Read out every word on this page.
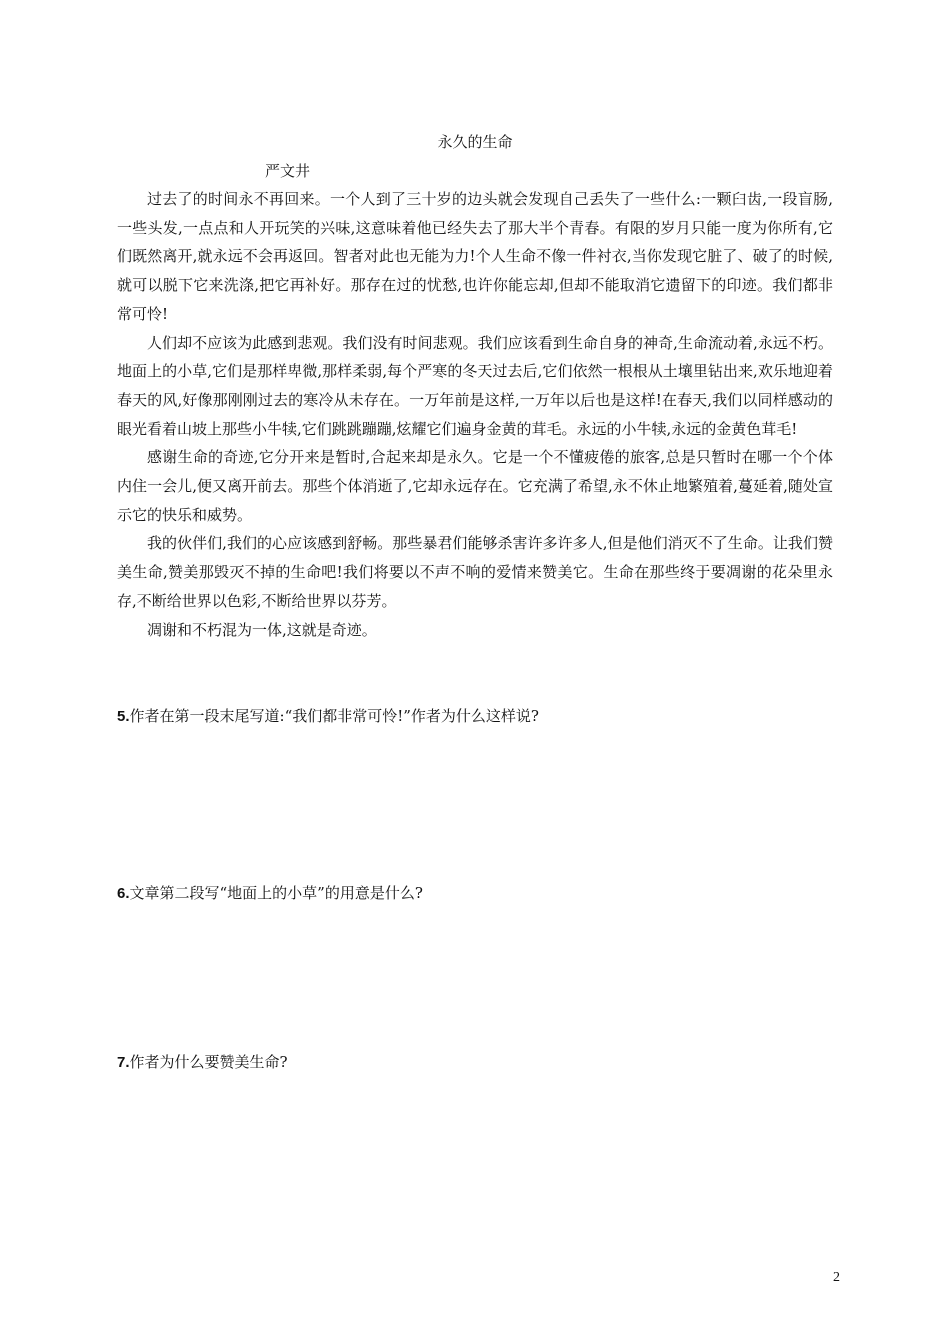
永久的生命
严文井

过去了的时间永不再回来。一个人到了三十岁的边头就会发现自己丢失了一些什么:一颗臼齿,一段盲肠,一些头发,一点点和人开玩笑的兴味,这意味着他已经失去了那大半个青春。有限的岁月只能一度为你所有,它们既然离开,就永远不会再返回。智者对此也无能为力!个人生命不像一件衬衣,当你发现它脏了、破了的时候,就可以脱下它来洗涤,把它再补好。那存在过的忧愁,也许你能忘却,但却不能取消它遗留下的印迹。我们都非常可怜!

人们却不应该为此感到悲观。我们没有时间悲观。我们应该看到生命自身的神奇,生命流动着,永远不朽。地面上的小草,它们是那样卑微,那样柔弱,每个严寒的冬天过去后,它们依然一根根从土壤里钻出来,欢乐地迎着春天的风,好像那刚刚过去的寒冷从未存在。一万年前是这样,一万年以后也是这样!在春天,我们以同样感动的眼光看着山坡上那些小牛犊,它们跳跳蹦蹦,炫耀它们遍身金黄的茸毛。永远的小牛犊,永远的金黄色茸毛!

感谢生命的奇迹,它分开来是暂时,合起来却是永久。它是一个不懂疲倦的旅客,总是只暂时在哪一个个体内住一会儿,便又离开前去。那些个体消逝了,它却永远存在。它充满了希望,永不休止地繁殖着,蔓延着,随处宣示它的快乐和威势。

我的伙伴们,我们的心应该感到舒畅。那些暴君们能够杀害许多许多人,但是他们消灭不了生命。让我们赞美生命,赞美那毁灭不掉的生命吧!我们将要以不声不响的爱情来赞美它。生命在那些终于要凋谢的花朵里永存,不断给世界以色彩,不断给世界以芬芳。

凋谢和不朽混为一体,这就是奇迹。

5.作者在第一段末尾写道:“我们都非常可怜!”作者为什么这样说?
6.文章第二段写“地面上的小草”的用意是什么?
7.作者为什么要赞美生命?
2
